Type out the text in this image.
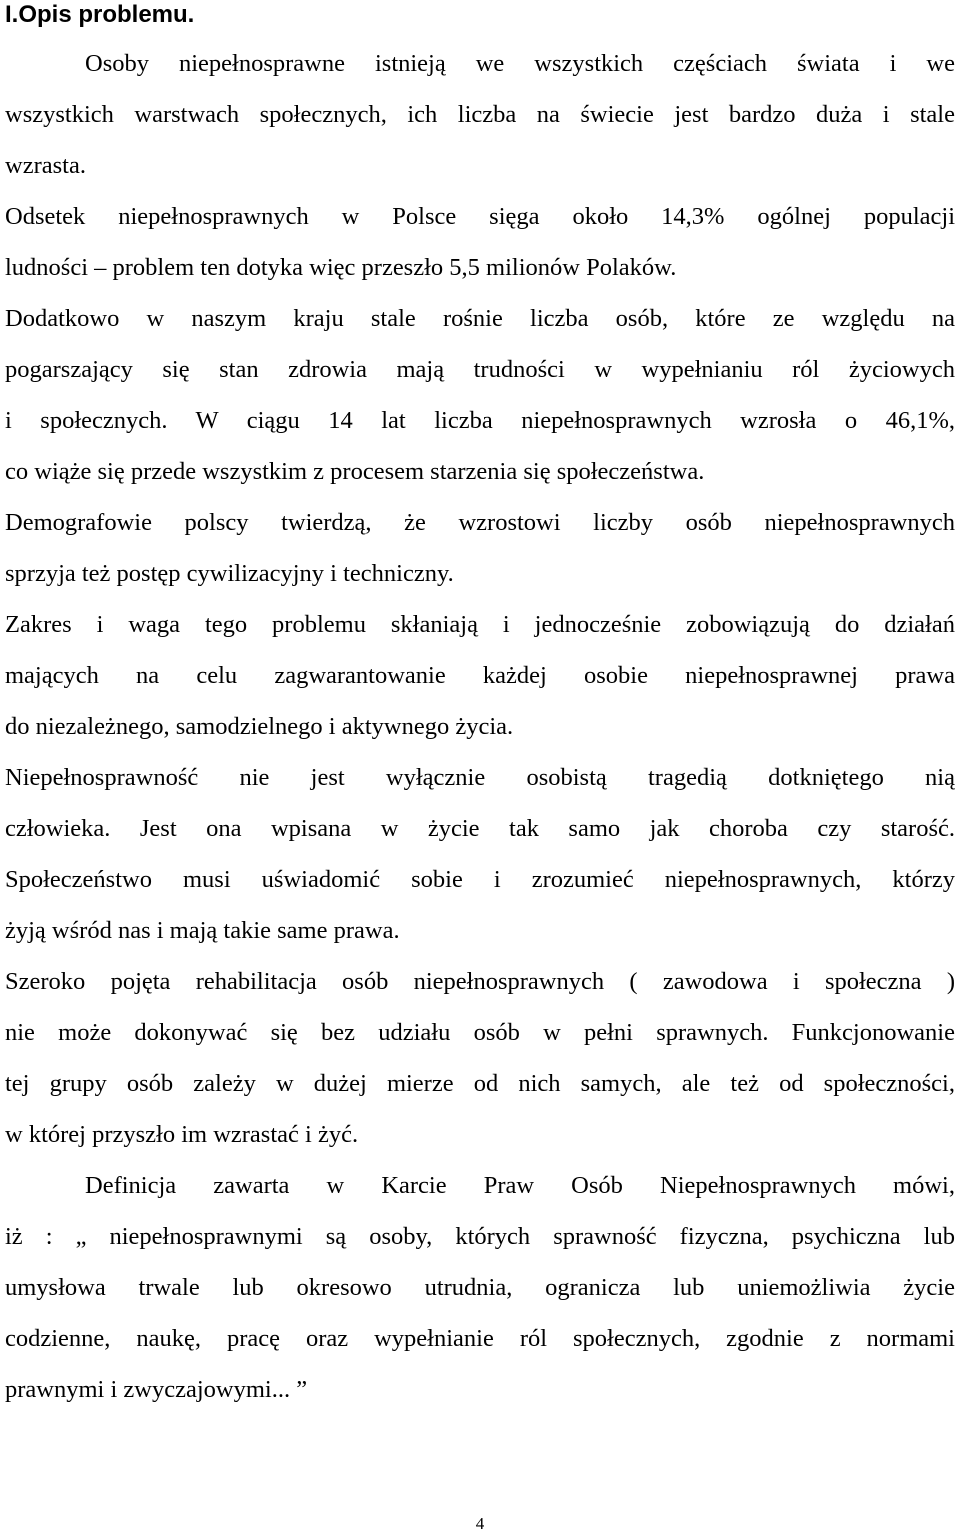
I.Opis problemu.

Osoby niepełnosprawne istnieją we wszystkich częściach świata i we

wszystkich warstwach społecznych, ich liczba na świecie jest bardzo duża i stale

wzrasta.

Odsetek niepełnosprawnych w Polsce sięga około 14,3% ogólnej populacji

ludności – problem ten dotyka więc przeszło 5,5 milionów Polaków.

Dodatkowo w naszym kraju stale rośnie liczba osób, które ze względu na

pogarszający się stan zdrowia mają trudności w wypełnianiu ról życiowych

i społecznych. W ciągu 14 lat liczba niepełnosprawnych wzrosła o 46,1%,

co wiąże się przede wszystkim z procesem starzenia się społeczeństwa.

Demografowie polscy twierdzą, że wzrostowi liczby osób niepełnosprawnych

sprzyja też postęp cywilizacyjny i techniczny.

Zakres i waga tego problemu skłaniają i jednocześnie zobowiązują do działań

mających na celu zagwarantowanie każdej osobie niepełnosprawnej prawa

do niezależnego, samodzielnego i aktywnego życia.

Niepełnosprawność nie jest wyłącznie osobistą tragedią dotkniętego nią

człowieka. Jest ona wpisana w życie tak samo jak choroba czy starość.

Społeczeństwo musi uświadomić sobie i zrozumieć niepełnosprawnych, którzy

żyją wśród nas i mają takie same prawa.

Szeroko pojęta rehabilitacja osób niepełnosprawnych ( zawodowa i społeczna )

nie może dokonywać się bez udziału osób w pełni sprawnych. Funkcjonowanie

tej grupy osób zależy w dużej mierze od nich samych, ale też od społeczności,

w której przyszło im wzrastać i żyć.

Definicja zawarta w Karcie Praw Osób Niepełnosprawnych mówi,

iż : „ niepełnosprawnymi są osoby, których sprawność fizyczna, psychiczna lub

umysłowa trwale lub okresowo utrudnia, ogranicza lub uniemożliwia życie

codzienne, naukę, pracę oraz wypełnianie ról społecznych, zgodnie z normami

prawnymi i zwyczajowymi... ”

4
